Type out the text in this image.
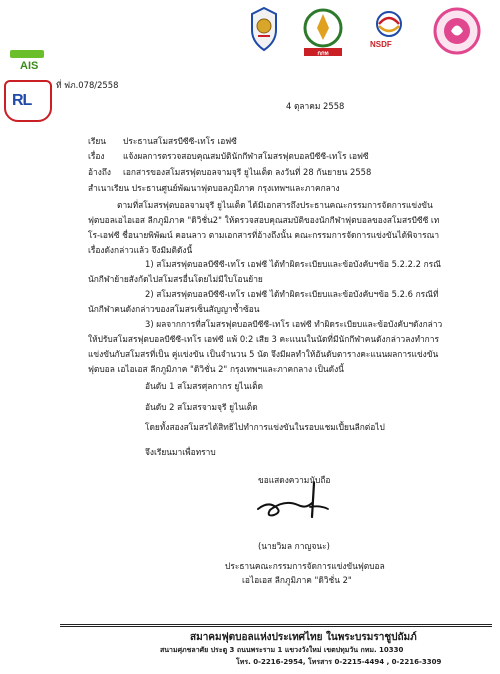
AIS
RL
กกท
NSDF
ที่ ฟภ.078/2558
4 ตุลาคม 2558
เรียน ประธานสโมสรบีซีซี-เทโร เอฟซี
เรื่อง แจ้งผลการตรวจสอบคุณสมบัตินักกีฬาสโมสรฟุตบอลบีซีซี-เทโร เอฟซี
อ้างถึง เอกสารของสโมสรฟุตบอลจามจุรี ยูไนเต็ด ลงวันที่ 28 กันยายน 2558
สำเนาเรียน ประธานศูนย์พัฒนาฟุตบอลภูมิภาค กรุงเทพฯและภาคกลาง
ตามที่สโมสรฟุตบอลจามจุรี ยูไนเต็ด ได้มีเอกสารถึงประธานคณะกรรมการจัดการแข่งขัน
ฟุตบอลเอไอเอส ลีกภูมิภาค "ดิวิชั่น2" ให้ตรวจสอบคุณสมบัติของนักกีฬาฟุตบอลของสโมสรบีซีซี เท
โร-เอฟซี ชื่อนายพิพัฒน์ คอนลาว ตามเอกสารที่อ้างถึงนั้น คณะกรรมการจัดการแข่งขันได้พิจารณา
เรื่องดังกล่าวแล้ว จึงมีมติดังนี้
1) สโมสรฟุตบอลบีซีซี-เทโร เอฟซี ได้ทำผิดระเบียบและข้อบังคับฯข้อ 5.2.2.2 กรณี
นักกีฬาย้ายสังกัดไปสโมสรอื่นโดยไม่มีใบโอนย้าย
2) สโมสรฟุตบอลบีซีซี-เทโร เอฟซี ได้ทำผิดระเบียบและข้อบังคับฯข้อ 5.2.6 กรณีที่
นักกีฬาคนดังกล่าวของสโมสรเซ็นสัญญาซ้ำซ้อน
3) ผลจากการที่สโมสรฟุตบอลบีซีซี-เทโร เอฟซี ทำผิดระเบียบและข้อบังคับฯดังกล่าว
ให้ปรับสโมสรฟุตบอลบีซีซี-เทโร เอฟซี แพ้ 0:2 เสีย 3 คะแนนในนัดที่มีนักกีฬาคนดังกล่าวลงทำการ
แข่งขันกับสโมสรที่เป็น คู่แข่งขัน เป็นจำนวน 5 นัด จึงมีผลทำให้อันดับตารางคะแนนผลการแข่งขัน
ฟุตบอล เอไอเอส ลีกภูมิภาค "ดิวิชั่น 2" กรุงเทพฯและภาคกลาง เป็นดังนี้
อันดับ 1 สโมสรศุลกากร ยูไนเต็ด
อันดับ 2 สโมสรจามจุรี ยูไนเต็ด
โดยทั้งสองสโมสรได้สิทธิไปทำการแข่งขันในรอบแชมเปี้ยนลีกต่อไป
จึงเรียนมาเพื่อทราบ
ขอแสดงความนับถือ
(นายวิมล กาญจนะ)
ประธานคณะกรรมการจัดการแข่งขันฟุตบอล
เอไอเอส ลีกภูมิภาค "ดิวิชั่น 2"
สมาคมฟุตบอลแห่งประเทศไทย ในพระบรมราชูปถัมภ์
สนามศุภชลาศัย ประตู 3 ถนนพระราม 1 แขวงวังใหม่ เขตปทุมวัน กทม. 10330
โทร. 0-2216-2954, โทรสาร 0-2215-4494 , 0-2216-3309
